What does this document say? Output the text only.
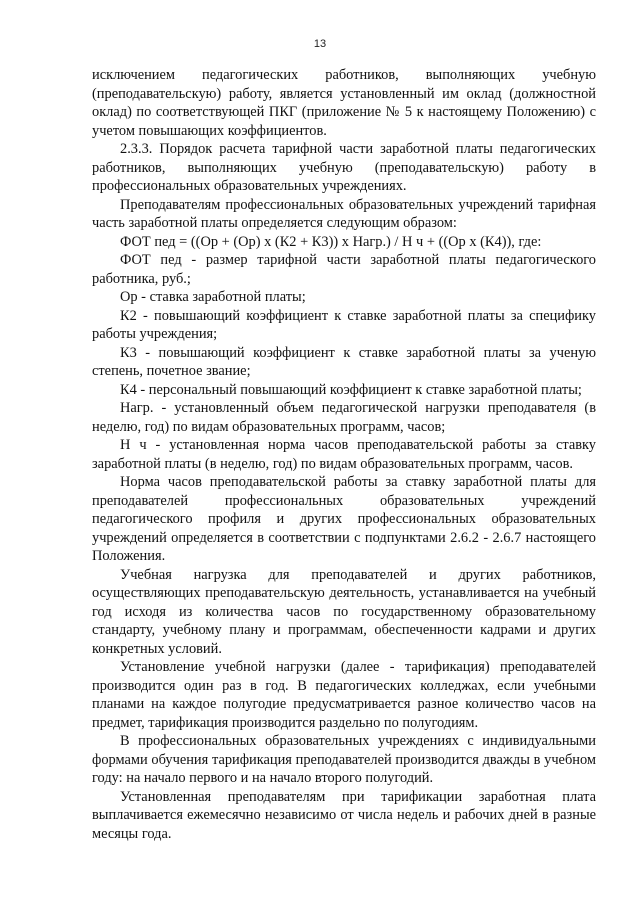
13

исключением педагогических работников, выполняющих учебную (преподавательскую) работу, является установленный им оклад (должностной оклад) по соответствующей ПКГ (приложение № 5 к настоящему Положению) с учетом повышающих коэффициентов.

2.3.3. Порядок расчета тарифной части заработной платы педагогических работников, выполняющих учебную (преподавательскую) работу в профессиональных образовательных учреждениях.

Преподавателям профессиональных образовательных учреждений тарифная часть заработной платы определяется следующим образом:

ФОТ пед = ((Ор + (Ор) х (К2 + К3)) х Нагр.) / Н ч + ((Ор х (К4)), где:

ФОТ пед - размер тарифной части заработной платы педагогического работника, руб.;

Ор - ставка заработной платы;

К2 - повышающий коэффициент к ставке заработной платы за специфику работы учреждения;

К3 - повышающий коэффициент к ставке заработной платы за ученую степень, почетное звание;

К4 - персональный повышающий коэффициент к ставке заработной платы;

Нагр. - установленный объем педагогической нагрузки преподавателя (в неделю, год) по видам образовательных программ, часов;

Н ч - установленная норма часов преподавательской работы за ставку заработной платы (в неделю, год) по видам образовательных программ, часов.

Норма часов преподавательской работы за ставку заработной платы для преподавателей профессиональных образовательных учреждений педагогического профиля и других профессиональных образовательных учреждений определяется в соответствии с подпунктами 2.6.2 - 2.6.7 настоящего Положения.

Учебная нагрузка для преподавателей и других работников, осуществляющих преподавательскую деятельность, устанавливается на учебный год исходя из количества часов по государственному образовательному стандарту, учебному плану и программам, обеспеченности кадрами и других конкретных условий.

Установление учебной нагрузки (далее - тарификация) преподавателей производится один раз в год. В педагогических колледжах, если учебными планами на каждое полугодие предусматривается разное количество часов на предмет, тарификация производится раздельно по полугодиям.

В профессиональных образовательных учреждениях с индивидуальными формами обучения тарификация преподавателей производится дважды в учебном году: на начало первого и на начало второго полугодий.

Установленная преподавателям при тарификации заработная плата выплачивается ежемесячно независимо от числа недель и рабочих дней в разные месяцы года.
